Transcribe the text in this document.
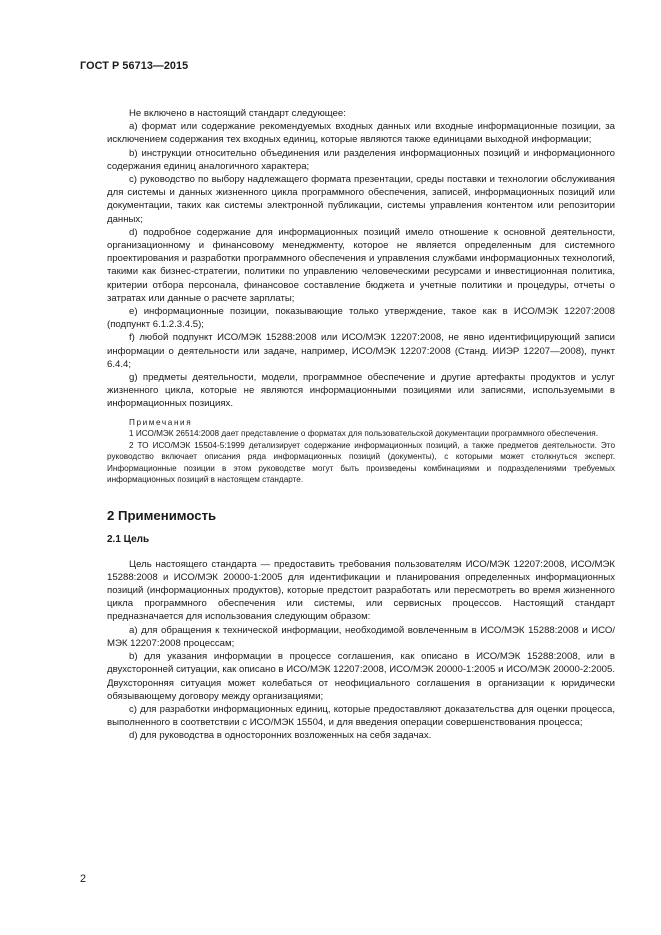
ГОСТ Р 56713—2015

Не включено в настоящий стандарт следующее:

а) формат или содержание рекомендуемых входных данных или входные информационные позиции, за исключением содержания тех входных единиц, которые являются также единицами выходной информации;

b) инструкции относительно объединения или разделения информационных позиций и информационного содержания единиц аналогичного характера;

c) руководство по выбору надлежащего формата презентации, среды поставки и технологии обслуживания для системы и данных жизненного цикла программного обеспечения, записей, информационных позиций или документации, таких как системы электронной публикации, системы управления контентом или репозитории данных;

d) подробное содержание для информационных позиций имело отношение к основной деятельности, организационному и финансовому менеджменту, которое не является определенным для системного проектирования и разработки программного обеспечения и управления службами информационных технологий, такими как бизнес-стратегии, политики по управлению человеческими ресурсами и инвестиционная политика, критерии отбора персонала, финансовое составление бюджета и учетные политики и процедуры, отчеты о затратах или данные о расчете зарплаты;

e) информационные позиции, показывающие только утверждение, такое как в ИСО/МЭК 12207:2008 (подпункт 6.1.2.3.4.5);

f) любой подпункт ИСО/МЭК 15288:2008 или ИСО/МЭК 12207:2008, не явно идентифицирующий записи информации о деятельности или задаче, например, ИСО/МЭК 12207:2008 (Станд. ИИЭР 12207—2008), пункт 6.4.4;

g) предметы деятельности, модели, программное обеспечение и другие артефакты продуктов и услуг жизненного цикла, которые не являются информационными позициями или записями, используемыми в информационных позициях.

Примечания

1 ИСО/МЭК 26514:2008 дает представление о форматах для пользовательской документации программного обеспечения.

2 ТО ИСО/МЭК 15504-5:1999 детализирует содержание информационных позиций, а также предметов деятельности. Это руководство включает описания ряда информационных позиций (документы), с которыми может столкнуться эксперт. Информационные позиции в этом руководстве могут быть произведены комбинациями и подразделениями требуемых информационных позиций в настоящем стандарте.

2 Применимость
2.1 Цель

Цель настоящего стандарта — предоставить требования пользователям ИСО/МЭК 12207:2008, ИСО/МЭК 15288:2008 и ИСО/МЭК 20000-1:2005 для идентификации и планирования определенных информационных позиций (информационных продуктов), которые предстоит разработать или пересмотреть во время жизненного цикла программного обеспечения или системы, или сервисных процессов. Настоящий стандарт предназначается для использования следующим образом:

а) для обращения к технической информации, необходимой вовлеченным в ИСО/МЭК 15288:2008 и ИСО/МЭК 12207:2008 процессам;

b) для указания информации в процессе соглашения, как описано в ИСО/МЭК 15288:2008, или в двухсторонней ситуации, как описано в ИСО/МЭК 12207:2008, ИСО/МЭК 20000-1:2005 и ИСО/МЭК 20000-2:2005. Двухсторонняя ситуация может колебаться от неофициального соглашения в организации к юридически обязывающему договору между организациями;

c) для разработки информационных единиц, которые предоставляют доказательства для оценки процесса, выполненного в соответствии с ИСО/МЭК 15504, и для введения операции совершенствования процесса;

d) для руководства в односторонних возложенных на себя задачах.

2
